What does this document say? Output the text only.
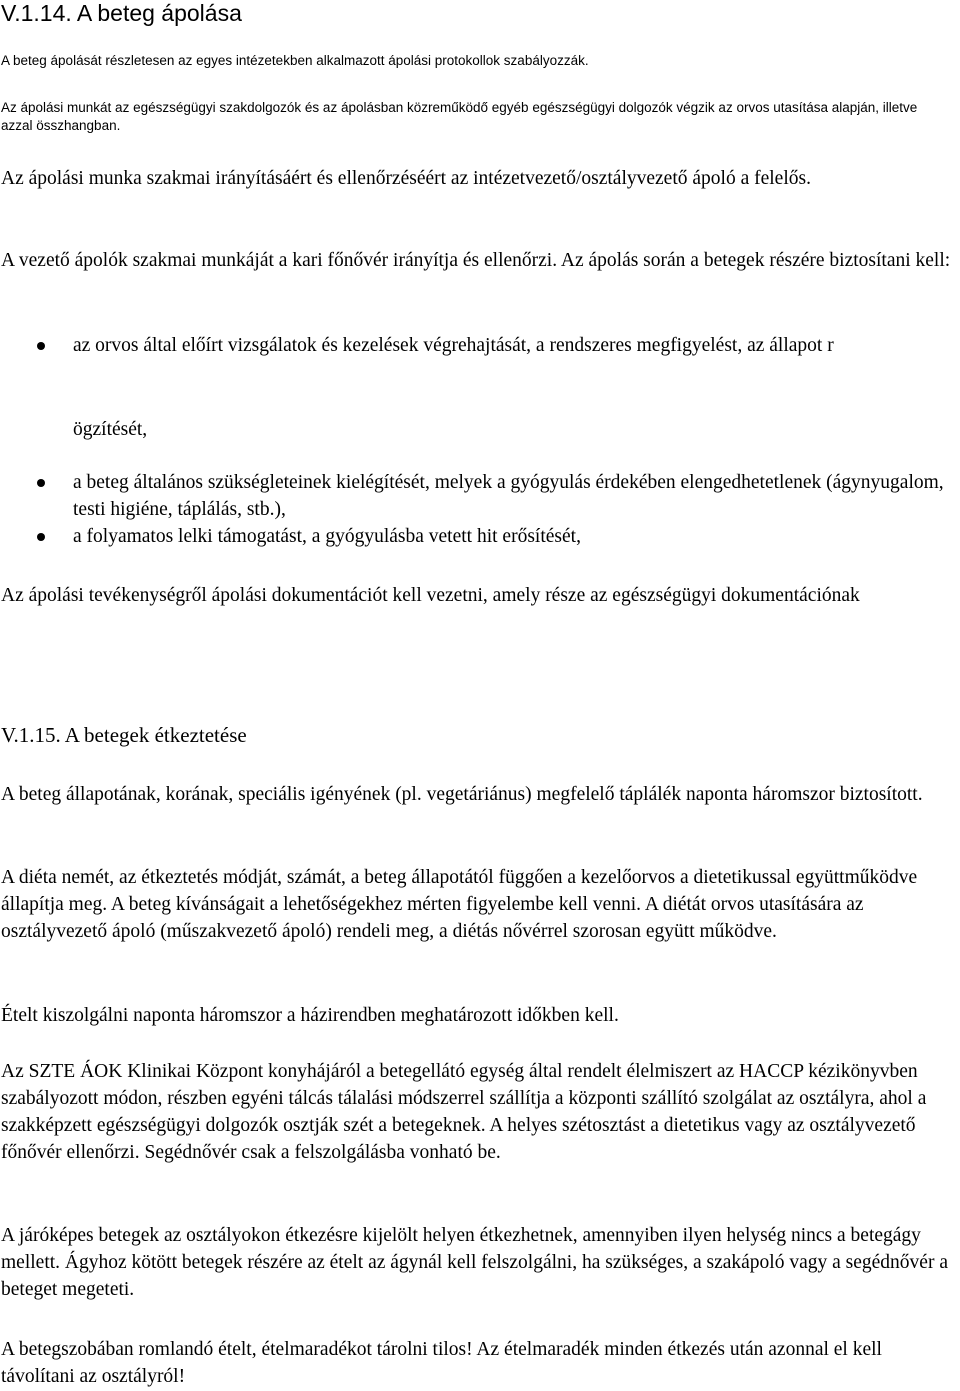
V.1.14. A beteg ápolása
A beteg ápolását részletesen az egyes intézetekben alkalmazott ápolási protokollok szabályozzák.
Az ápolási munkát az egészségügyi szakdolgozók és az ápolásban közreműködő egyéb egészségügyi dolgozók végzik az orvos utasítása alapján, illetve azzal összhangban.
Az ápolási munka szakmai irányításáért és ellenőrzéséért az intézetvezető/osztályvezető ápoló a felelős.
A vezető ápolók szakmai munkáját a kari főnővér irányítja és ellenőrzi. Az ápolás során a betegek részére biztosítani kell:
az orvos által előírt vizsgálatok és kezelések végrehajtását, a rendszeres megfigyelést, az állapot r
ögzítését,
a beteg általános szükségleteinek kielégítését, melyek a gyógyulás érdekében elengedhetetlenek (ágynyugalom, testi higiéne, táplálás, stb.),
a folyamatos lelki támogatást, a gyógyulásba vetett hit erősítését,
Az ápolási tevékenységről ápolási dokumentációt kell vezetni, amely része az egészségügyi dokumentációnak
V.1.15. A betegek étkeztetése
A beteg állapotának, korának, speciális igényének (pl. vegetáriánus) megfelelő táplálék naponta háromszor biztosított.
A diéta nemét, az étkeztetés módját, számát, a beteg állapotától függően a kezelőorvos a dietetikussal együttműködve állapítja meg. A beteg kívánságait a lehetőségekhez mérten figyelembe kell venni. A diétát orvos utasítására az osztályvezető ápoló (műszakvezető ápoló) rendeli meg, a diétás nővérrel szorosan együtt működve.
Ételt kiszolgálni naponta háromszor a házirendben meghatározott időkben kell.
Az SZTE ÁOK Klinikai Központ konyhájáról a betegellátó egység által rendelt élelmiszert az HACCP kézikönyvben szabályozott módon, részben egyéni tálcás tálalási módszerrel szállítja a központi szállító szolgálat az osztályra, ahol a szakképzett egészségügyi dolgozók osztják szét a betegeknek. A helyes szétosztást a dietetikus vagy az osztályvezető főnővér ellenőrzi. Segédnővér csak a felszolgálásba vonható be.
A járóképes betegek az osztályokon étkezésre kijelölt helyen étkezhetnek, amennyiben ilyen helység nincs a betegágy mellett. Ágyhoz kötött betegek részére az ételt az ágynál kell felszolgálni, ha szükséges, a szakápoló vagy a segédnővér a beteget megeteti.
A betegszobában romlandó ételt, ételmaradékot tárolni tilos! Az ételmaradék minden étkezés után azonnal el kell távolítani az osztályról!
